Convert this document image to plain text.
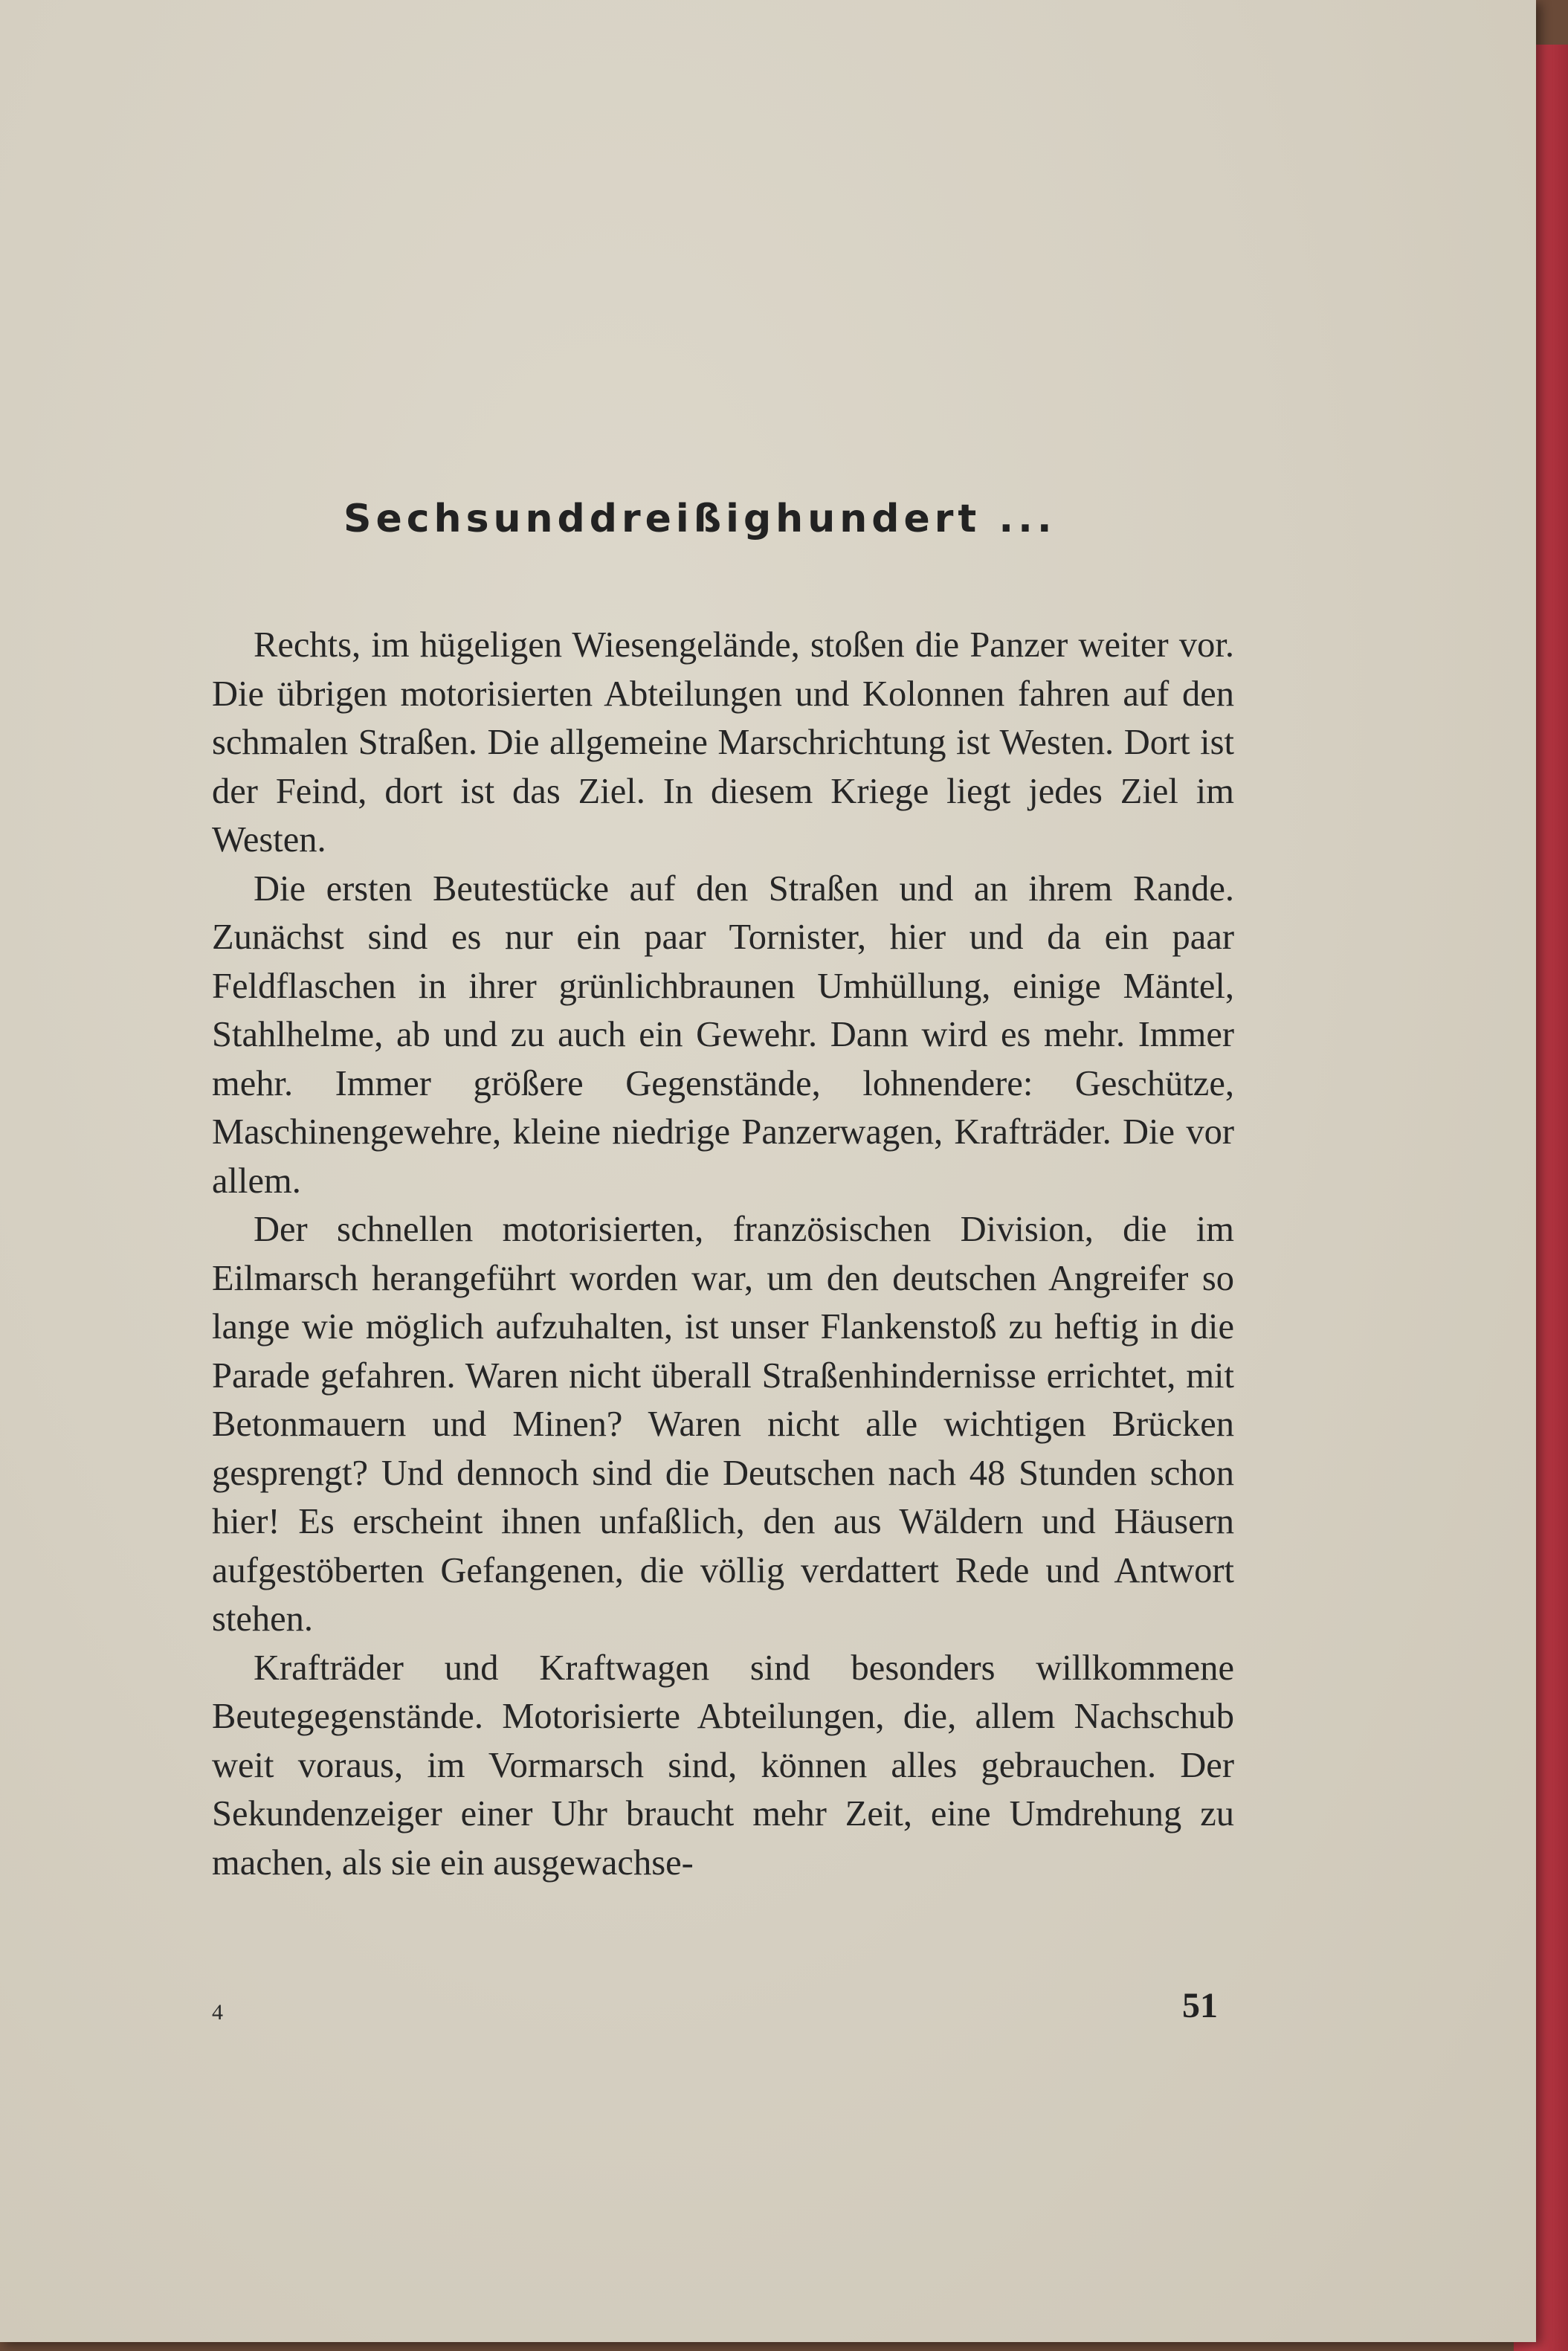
Sechsunddreißighundert ...

Rechts, im hügeligen Wiesengelände, stoßen die Panzer weiter vor. Die übrigen motorisierten Abteilungen und Kolonnen fahren auf den schmalen Straßen. Die allgemeine Marschrichtung ist Westen. Dort ist der Feind, dort ist das Ziel. In diesem Kriege liegt jedes Ziel im Westen.

Die ersten Beutestücke auf den Straßen und an ihrem Rande. Zunächst sind es nur ein paar Tornister, hier und da ein paar Feldflaschen in ihrer grünlichbraunen Umhüllung, einige Mäntel, Stahlhelme, ab und zu auch ein Gewehr. Dann wird es mehr. Immer mehr. Immer größere Gegenstände, lohnendere: Geschütze, Maschinengewehre, kleine niedrige Panzerwagen, Krafträder. Die vor allem.

Der schnellen motorisierten, französischen Division, die im Eilmarsch herangeführt worden war, um den deutschen Angreifer so lange wie möglich aufzuhalten, ist unser Flankenstoß zu heftig in die Parade gefahren. Waren nicht überall Straßenhindernisse errichtet, mit Betonmauern und Minen? Waren nicht alle wichtigen Brücken gesprengt? Und dennoch sind die Deutschen nach 48 Stunden schon hier! Es erscheint ihnen unfaßlich, den aus Wäldern und Häusern aufgestöberten Gefangenen, die völlig verdattert Rede und Antwort stehen.

Krafträder und Kraftwagen sind besonders willkommene Beutegegenstände. Motorisierte Abteilungen, die, allem Nachschub weit voraus, im Vormarsch sind, können alles gebrauchen. Der Sekundenzeiger einer Uhr braucht mehr Zeit, eine Umdrehung zu machen, als sie ein ausgewachse-

4	51
